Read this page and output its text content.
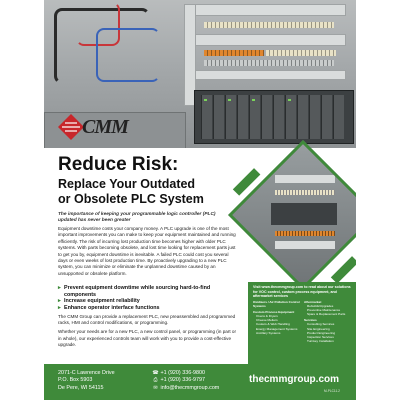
CMM
Reduce Risk:
Replace Your Outdated
or Obsolete PLC System
The importance of keeping your programmable logic controller (PLC) updated has never been greater

Equipment downtime costs your company money. A PLC upgrade is one of the most important improvements you can make to keep your equipment maintained and running efficiently. The risk of incurring lost production time becomes higher with older PLC systems. With parts becoming obsolete, and lost time looking for replacement parts just to get you by, equipment downtime is inevitable. A failed PLC could cost you several days or even weeks of lost production time. By proactively upgrading to a new PLC system, you can minimize or eliminate the unplanned downtime caused by an unsupported or obsolete platform.

▸ Prevent equipment downtime while sourcing hard-to-find components
▸ Increase equipment reliability
▸ Enhance operator interface functions

The CMM Group can provide a replacement PLC, new preassembled and programmed racks, HMI and control modifications, or programming.

Whether your needs are for a new PLC, a new control panel, or programming (in part or in whole), our experienced controls team will work with you to provide a cost-effective upgrade.

Visit www.thecmmgroup.com to read about our solutions for VOC control, custom process equipment, and aftermarket services
Oxidizers / Air Pollution Control Systems
Custom Process Equipment
Ovens & Dryers
Cheese Melters
Coolers & Web Handling
Energy Management Systems
Ancillary Systems
Aftermarket
Rebuilds/Upgrades
Preventive Maintenance
Spare & Replacement Parts
Services
Consulting Services
Site Engineering
Product Engineering
Inspection Services
Turnkey Installation
2071-C Lawrence Drive
P.O. Box 5903
De Pere, WI 54115
☎ +1 (920) 336-9800
⎙ +1 (920) 336-9797
✉ info@thecmmgroup.com
thecmmgroup.com
M-PLC11.2
